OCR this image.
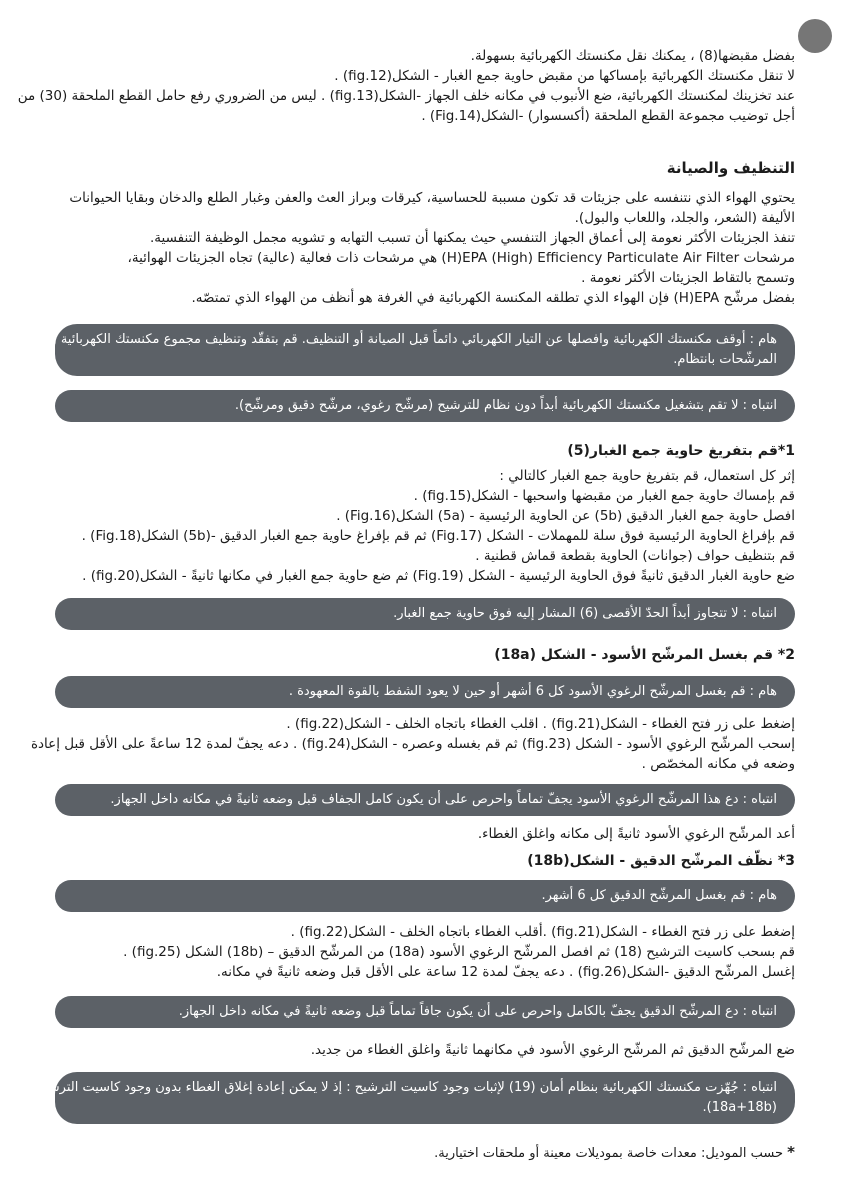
بفضل مقبضها(8) ، يمكنك نقل مكنستك الكهربائية بسهولة.
لا تنقل مكنستك الكهربائية بإمساكها من مقبض حاوية جمع الغبار - الشكل(fig.12) .
عند تخزينك لمكنستك الكهربائية، ضع الأنبوب في مكانه خلف الجهاز -الشكل(fig.13) . ليس من الضروري رفع حامل القطع الملحقة (30) من
أجل توضيب مجموعة القطع الملحقة (أكسسوار) -الشكل(Fig.14) .
التنظيف والصيانة
يحتوي الهواء الذي نتنفسه على جزيئات قد تكون مسببة للحساسية، كيرقات وبراز العث والعفن وغبار الطلع والدخان وبقايا الحيوانات
الأليفة (الشعر، والجلد، واللعاب والبول).
تنفذ الجزيئات الأكثر نعومة إلى أعماق الجهاز التنفسي حيث يمكنها أن تسبب التهابه و تشويه مجمل الوظيفة التنفسية.
مرشحات ‎(H)EPA (High) Efficiency Particulate Air Filter هي مرشحات ذات فعالية (عالية) تجاه الجزيئات الهوائية،
وتسمح بالتقاط الجزيئات الأكثر نعومة .
بفضل مرشّح ‎(H)EPA فإن الهواء الذي تطلقه المكنسة الكهربائية في الغرفة هو أنظف من الهواء الذي تمتصّه.
هام : أوقف مكنستك الكهربائية وافصلها عن التيار الكهربائي دائماً قبل الصيانة أو التنظيف. قم بتفقّد وتنظيف مجموع مكنستك الكهربائية و كافة
المرشّحات بانتظام.
انتباه : لا تقم بتشغيل مكنستك الكهربائية أبداً دون نظام للترشيح (مرشّح رغوي، مرشّح دقيق ومرشّح).
1*قم بتفريغ حاوية جمع الغبار(5)
إثر كل استعمال، قم بتفريغ حاوية جمع الغبار كالتالي :
قم بإمساك حاوية جمع الغبار من مقبضها واسحبها - الشكل(fig.15) .
افصل حاوية جمع الغبار الدقيق (5b) عن الحاوية الرئيسية - (5a) الشكل(Fig.16) .
قم بإفراغ الحاوية الرئيسية فوق سلة للمهملات - الشكل (Fig.17) ثم قم بإفراغ حاوية جمع الغبار الدقيق -(5b) الشكل(Fig.18) .
قم بتنظيف حواف (جوانات) الحاوية بقطعة قماش قطنية .
ضع حاوية الغبار الدقيق ثانيةً فوق الحاوية الرئيسية - الشكل (Fig.19) ثم ضع حاوية جمع الغبار في مكانها ثانيةً - الشكل(fig.20) .
انتباه : لا تتجاوز أبداً الحدّ الأقصى (6) المشار إليه فوق حاوية جمع الغبار.
2* قم بغسل المرشّح الأسود - الشكل (18a)
هام : قم بغسل المرشّح الرغوي الأسود كل 6 أشهر أو حين لا يعود الشفط بالقوة المعهودة .
إضغط على زر فتح الغطاء - الشكل(fig.21) . اقلب الغطاء باتجاه الخلف - الشكل(fig.22) .
إسحب المرشّح الرغوي الأسود - الشكل (fig.23) ثم قم بغسله وعصره - الشكل(fig.24) . دعه يجفّ لمدة 12 ساعةً على الأقل قبل إعادة
وضعه في مكانه المخصّص .
انتباه : دع هذا المرشّح الرغوي الأسود يجفّ تماماً واحرص على أن يكون كامل الجفاف قبل وضعه ثانيةً في مكانه داخل الجهاز.
أعد المرشّح الرغوي الأسود ثانيةً إلى مكانه واغلق الغطاء.
3* نظّف المرشّح الدقيق - الشكل(18b)
هام : قم بغسل المرشّح الدقيق كل 6 أشهر.
إضغط على زر فتح الغطاء - الشكل(fig.21) .أقلب الغطاء باتجاه الخلف - الشكل(fig.22) .
قم بسحب كاسيت الترشيح (18) ثم افصل المرشّح الرغوي الأسود (18a) من المرشّح الدقيق – (18b) الشكل (fig.25) .
إغسل المرشّح الدقيق -الشكل(fig.26) . دعه يجفّ لمدة 12 ساعة على الأقل قبل وضعه ثانيةً في مكانه.
انتباه : دع المرشّح الدقيق يجفّ بالكامل واحرص على أن يكون جافاً تماماً قبل وضعه ثانيةً في مكانه داخل الجهاز.
ضع المرشّح الدقيق ثم المرشّح الرغوي الأسود في مكانهما ثانيةً واغلق الغطاء من جديد.
انتباه : جُهّزت مكنستك الكهربائية بنظام أمان (19) لإثبات وجود كاسيت الترشيح : إذ لا يمكن إعادة إغلاق الغطاء بدون وجود كاسيت الترشيح
(18a+18b).
* حسب الموديل: معدات خاصة بموديلات معينة أو ملحقات اختيارية.
